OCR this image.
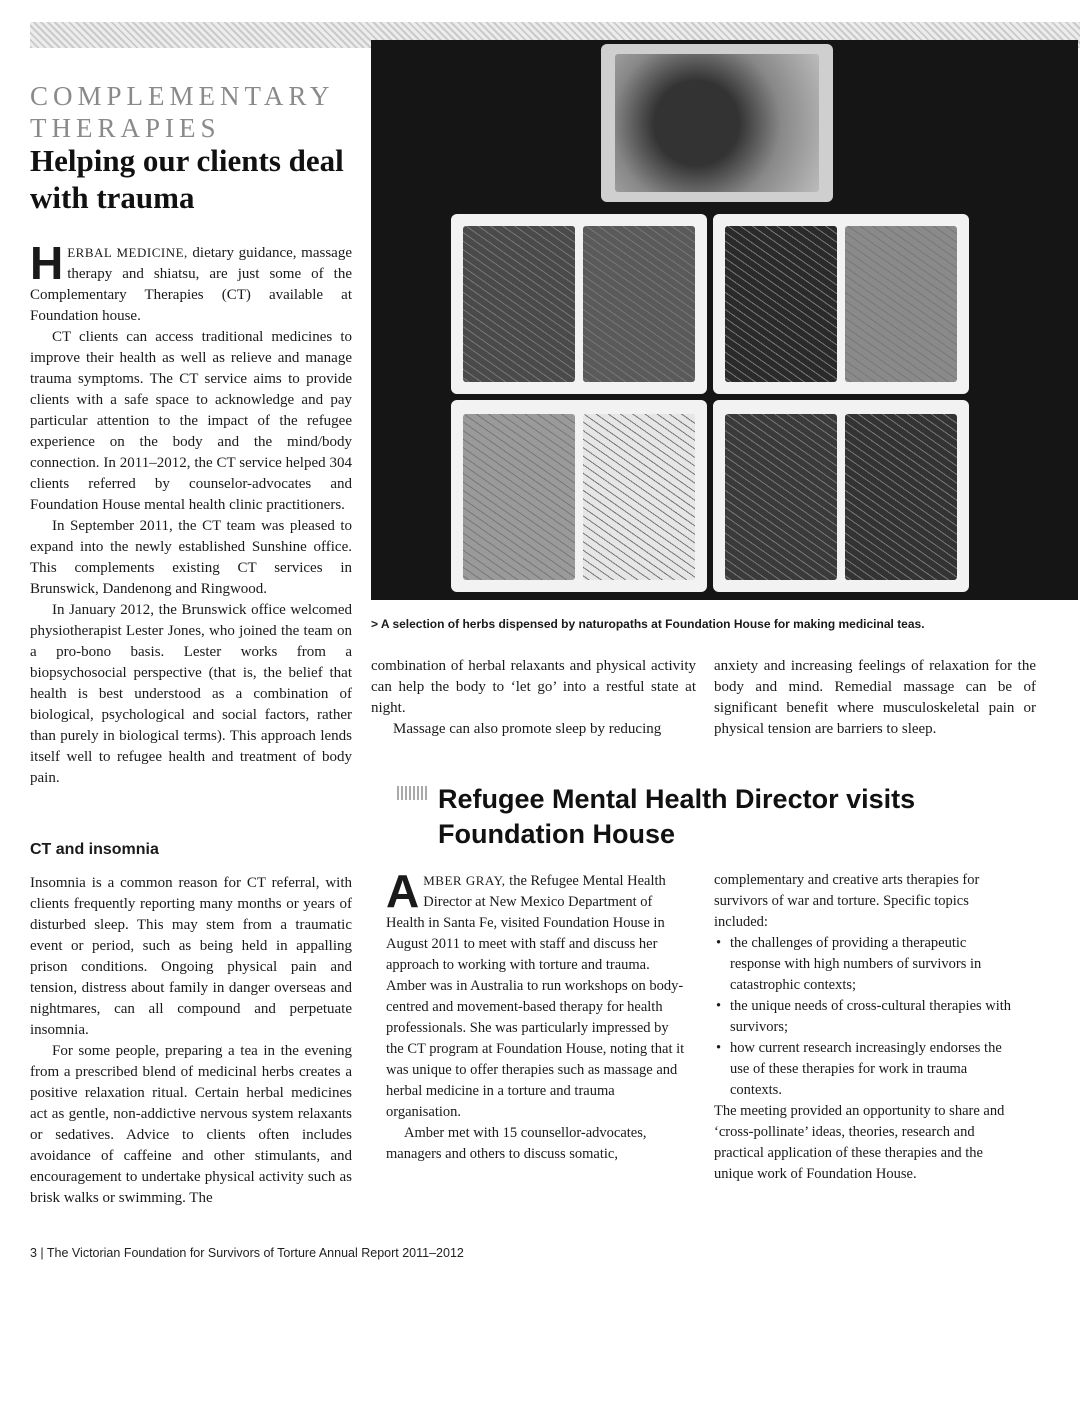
COMPLEMENTARY THERAPIES
Helping our clients deal with trauma

HERBAL MEDICINE, dietary guidance, massage therapy and shiatsu, are just some of the Complementary Therapies (CT) available at Foundation house.

CT clients can access traditional medicines to improve their health as well as relieve and manage trauma symptoms. The CT service aims to provide clients with a safe space to acknowledge and pay particular attention to the impact of the refugee experience on the body and the mind/body connection. In 2011–2012, the CT service helped 304 clients referred by counselor-advocates and Foundation House mental health clinic practitioners.

In September 2011, the CT team was pleased to expand into the newly established Sunshine office. This complements existing CT services in Brunswick, Dandenong and Ringwood.

In January 2012, the Brunswick office welcomed physiotherapist Lester Jones, who joined the team on a pro-bono basis. Lester works from a biopsychosocial perspective (that is, the belief that health is best understood as a combination of biological, psychological and social factors, rather than purely in biological terms). This approach lends itself well to refugee health and treatment of body pain.

CT and insomnia

Insomnia is a common reason for CT referral, with clients frequently reporting many months or years of disturbed sleep. This may stem from a traumatic event or period, such as being held in appalling prison conditions. Ongoing physical pain and tension, distress about family in danger overseas and nightmares, can all compound and perpetuate insomnia.

For some people, preparing a tea in the evening from a prescribed blend of medicinal herbs creates a positive relaxation ritual. Certain herbal medicines act as gentle, non-addictive nervous system relaxants or sedatives. Advice to clients often includes avoidance of caffeine and other stimulants, and encouragement to undertake physical activity such as brisk walks or swimming. The

> A selection of herbs dispensed by naturopaths at Foundation House for making medicinal teas.

combination of herbal relaxants and physical activity can help the body to ‘let go’ into a restful state at night.

Massage can also promote sleep by reducing

anxiety and increasing feelings of relaxation for the body and mind. Remedial massage can be of significant benefit where musculoskeletal pain or physical tension are barriers to sleep.

Refugee Mental Health Director visits Foundation House

AMBER GRAY, the Refugee Mental Health Director at New Mexico Department of Health in Santa Fe, visited Foundation House in August 2011 to meet with staff and discuss her approach to working with torture and trauma. Amber was in Australia to run workshops on body-centred and movement-based therapy for health professionals. She was particularly impressed by the CT program at Foundation House, noting that it was unique to offer therapies such as massage and herbal medicine in a torture and trauma organisation.

Amber met with 15 counsellor-advocates, managers and others to discuss somatic,

complementary and creative arts therapies for survivors of war and torture. Specific topics included:

• the challenges of providing a therapeutic response with high numbers of survivors in catastrophic contexts;
• the unique needs of cross-cultural therapies with survivors;
• how current research increasingly endorses the use of these therapies for work in trauma contexts.

The meeting provided an opportunity to share and ‘cross-pollinate’ ideas, theories, research and practical application of these therapies and the unique work of Foundation House.

3 | The Victorian Foundation for Survivors of Torture Annual Report 2011–2012
